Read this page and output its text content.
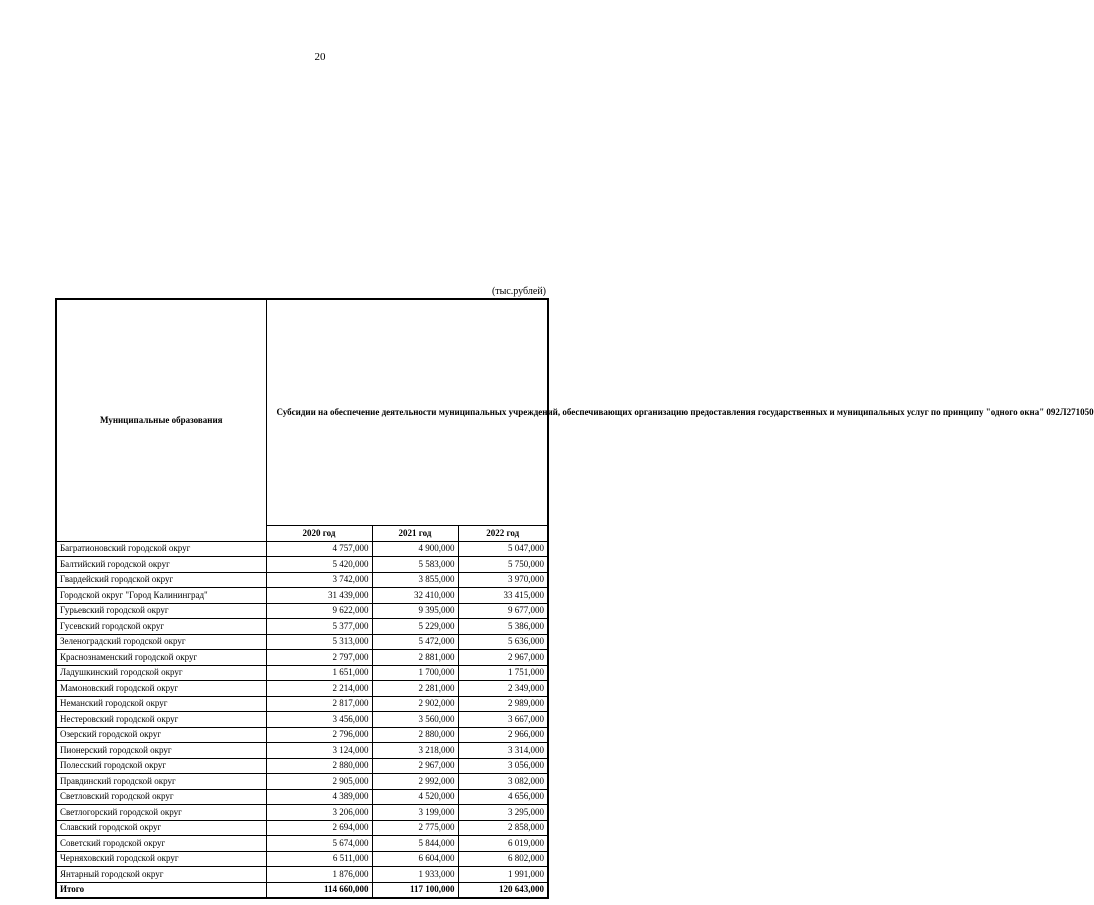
20
(тыс.рублей)
Муниципальные образования	Субсидии на обеспечение деятельности муниципальных учреждений, обеспечивающих организацию предоставления государственных и муниципальных услуг по принципу "одного окна" 092Л271050		
	2020 год	2021 год	2022 год
Багратионовский городской округ	4 757,000	4 900,000	5 047,000
Балтийский городской округ	5 420,000	5 583,000	5 750,000
Гвардейский городской округ	3 742,000	3 855,000	3 970,000
Городской округ "Город Калининград"	31 439,000	32 410,000	33 415,000
Гурьевский городской округ	9 622,000	9 395,000	9 677,000
Гусевский городской округ	5 377,000	5 229,000	5 386,000
Зеленоградский городской округ	5 313,000	5 472,000	5 636,000
Краснознаменский городской округ	2 797,000	2 881,000	2 967,000
Ладушкинский городской округ	1 651,000	1 700,000	1 751,000
Мамоновский городской округ	2 214,000	2 281,000	2 349,000
Неманский городской округ	2 817,000	2 902,000	2 989,000
Нестеровский городской округ	3 456,000	3 560,000	3 667,000
Озерский городской округ	2 796,000	2 880,000	2 966,000
Пионерский городской округ	3 124,000	3 218,000	3 314,000
Полесский городской округ	2 880,000	2 967,000	3 056,000
Правдинский городской округ	2 905,000	2 992,000	3 082,000
Светловский городской округ	4 389,000	4 520,000	4 656,000
Светлогорский городской округ	3 206,000	3 199,000	3 295,000
Славский городской округ	2 694,000	2 775,000	2 858,000
Советский городской округ	5 674,000	5 844,000	6 019,000
Черняховский городской округ	6 511,000	6 604,000	6 802,000
Янтарный городской округ	1 876,000	1 933,000	1 991,000
Итого	114 660,000	117 100,000	120 643,000
